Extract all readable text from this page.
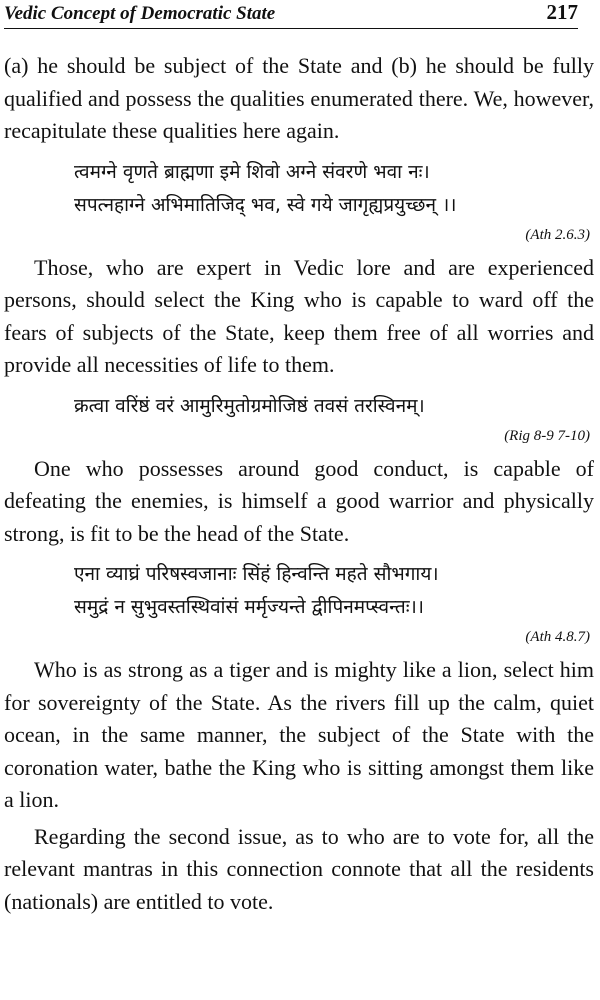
Vedic Concept of Democratic State	217

(a) he should be subject of the State and (b) he should be fully qualified and possess the qualities enumerated there. We, however, recapitulate these qualities here again.

त्वमग्ने वृणते ब्राह्मणा इमे शिवो अग्ने संवरणे भवा नः।
सपत्नहाग्ने अभिमातिजिद् भव, स्वे गये जागृह्यप्रयुच्छन् ।।
(Ath 2.6.3)

Those, who are expert in Vedic lore and are experienced persons, should select the King who is capable to ward off the fears of subjects of the State, keep them free of all worries and provide all necessities of life to them.

क्रत्वा वरिंष्ठं वरं आमुरिमुतोग्रमोजिष्ठं तवसं तरस्विनम्।
(Rig 8-9 7-10)

One who possesses around good conduct, is capable of defeating the enemies, is himself a good warrior and physically strong, is fit to be the head of the State.

एना व्याघ्रं परिषस्वजानाः सिंहं हिन्वन्ति महते सौभगाय।
समुद्रं न सुभुवस्तस्थिवांसं मर्मृज्यन्ते द्वीपिनमप्स्वन्तः।।
(Ath 4.8.7)

Who is as strong as a tiger and is mighty like a lion, select him for sovereignty of the State. As the rivers fill up the calm, quiet ocean, in the same manner, the subject of the State with the coronation water, bathe the King who is sitting amongst them like a lion.

Regarding the second issue, as to who are to vote for, all the relevant mantras in this connection connote that all the residents (nationals) are entitled to vote.
